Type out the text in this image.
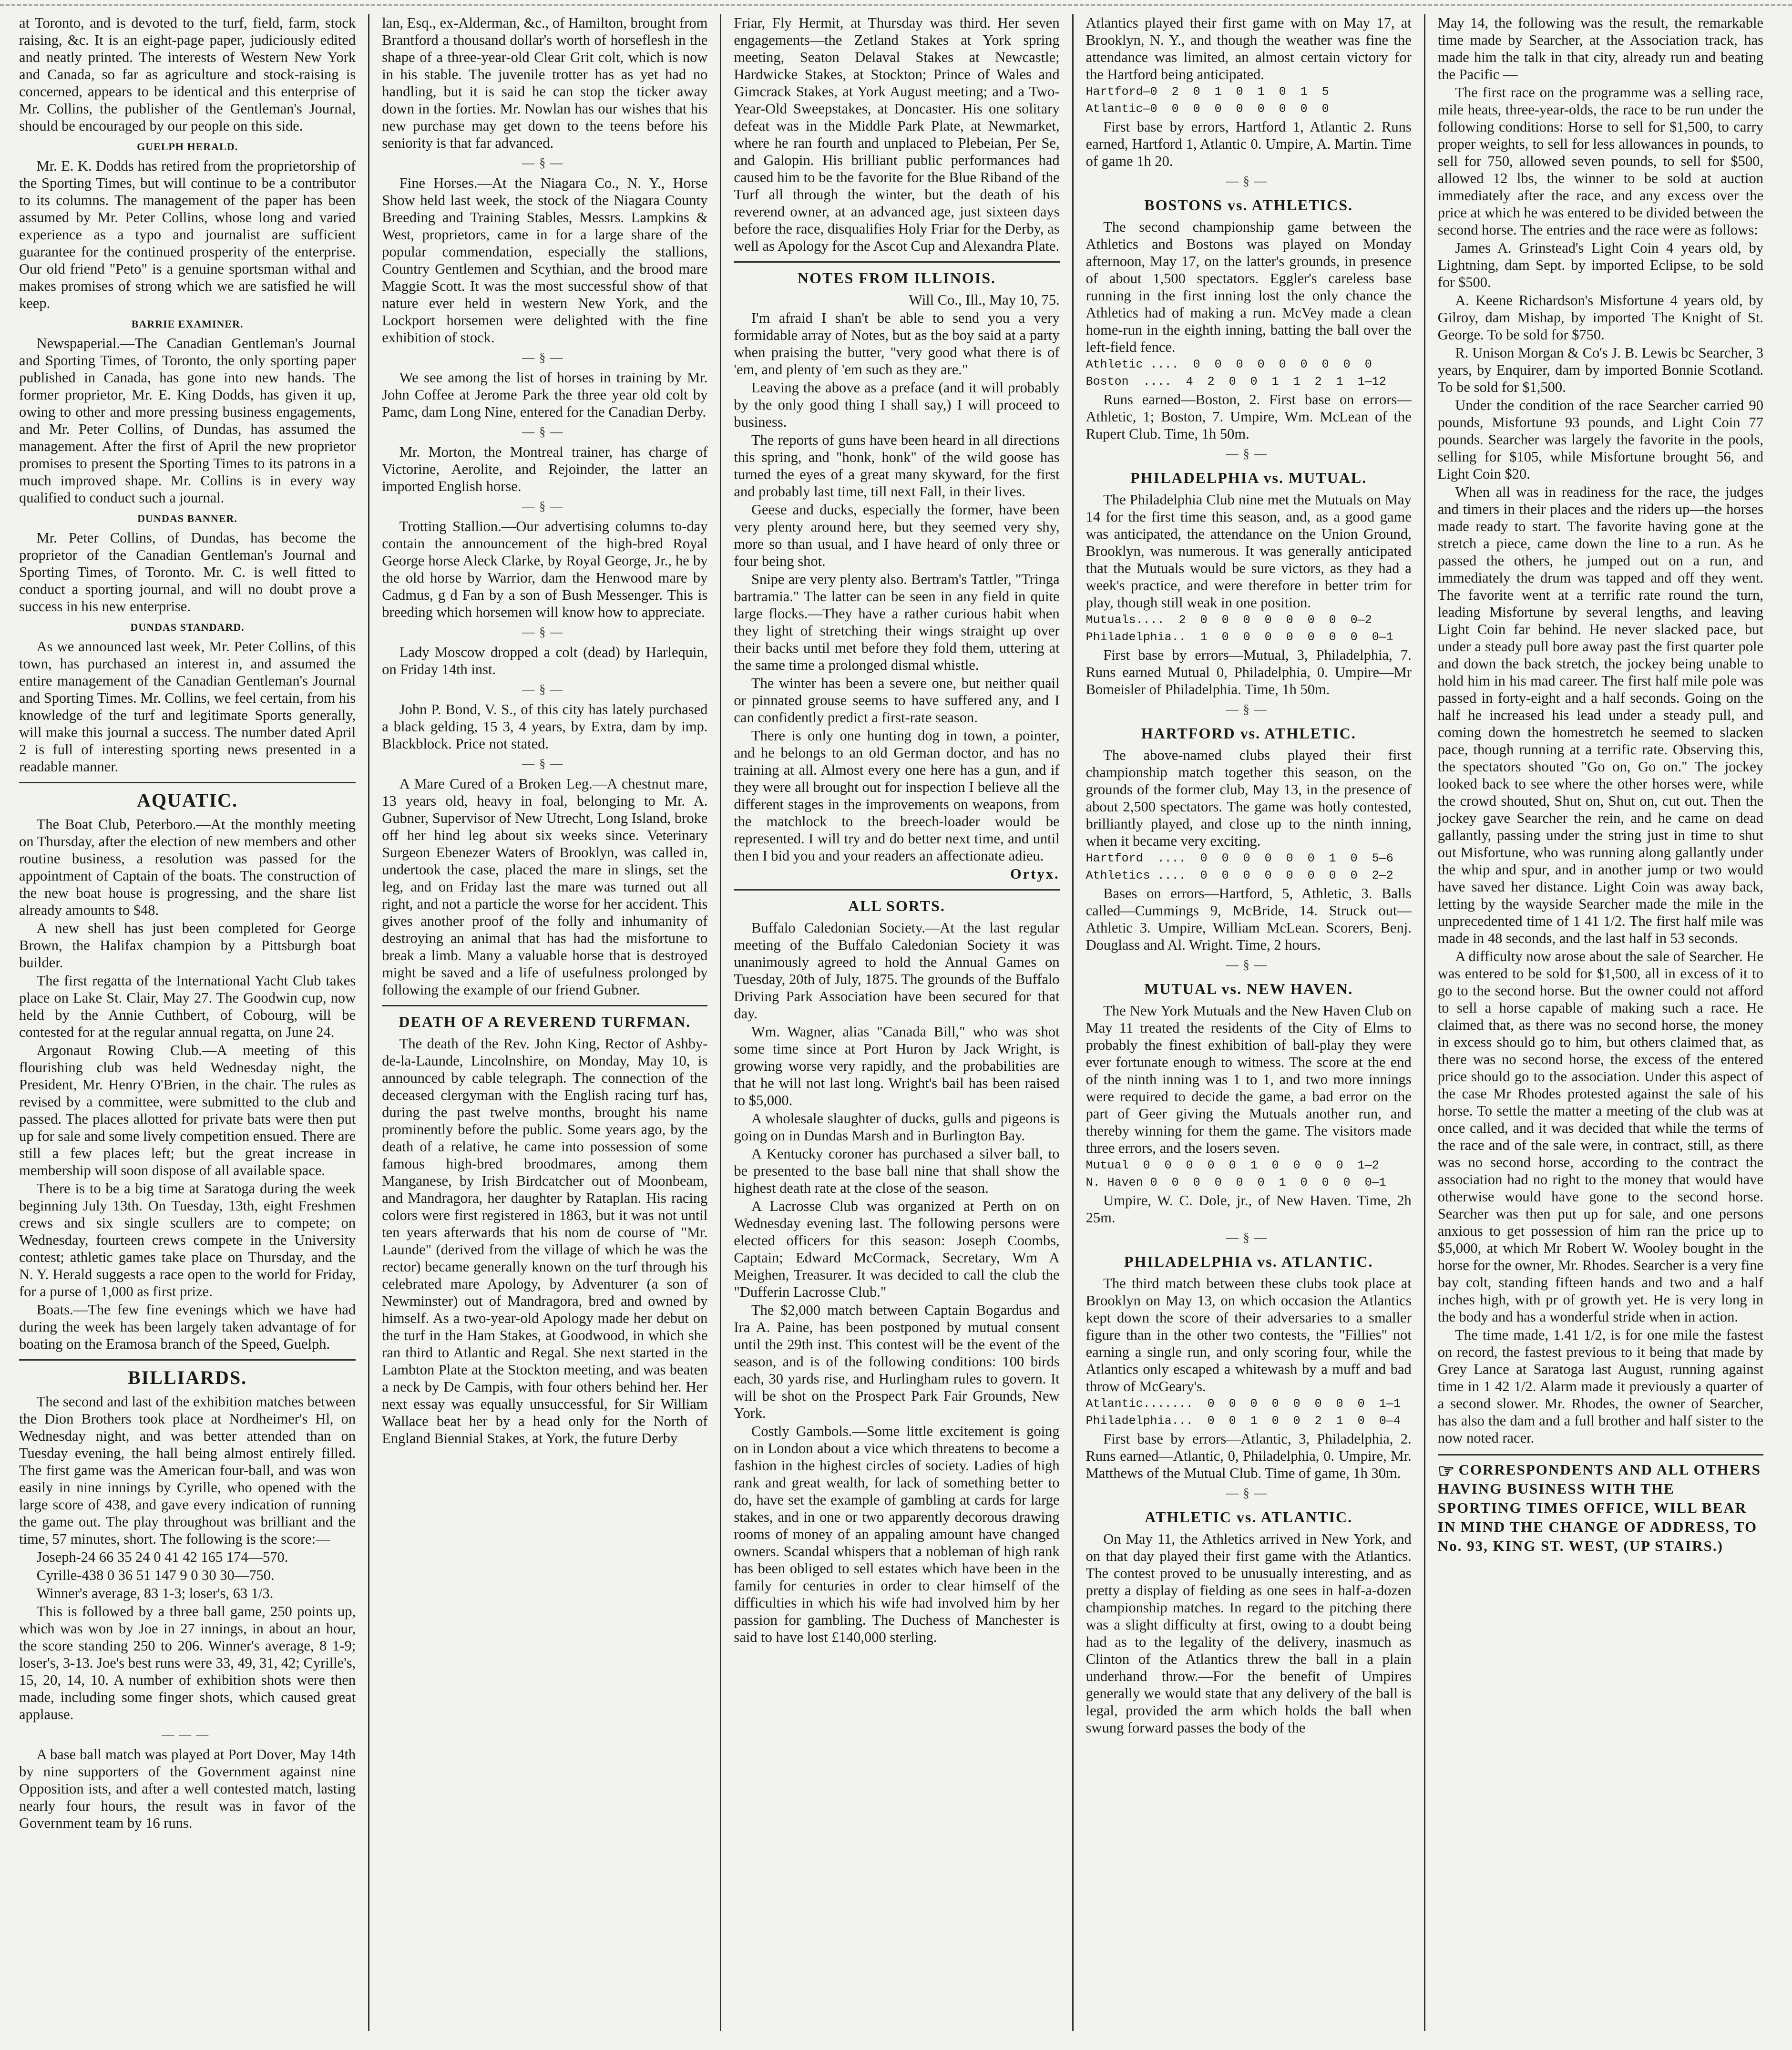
at Toronto, and is devoted to the turf, field, farm, stock raising, &c. It is an eight-page paper, judiciously edited and neatly printed. The interests of Western New York and Canada, so far as agriculture and stock-raising is concerned, appears to be identical and this enterprise of Mr. Collins, the publisher of the Gentleman's Journal, should be encouraged by our people on this side.

GUELPH HERALD.

Mr. E. K. Dodds has retired from the proprietorship of the Sporting Times, but will continue to be a contributor to its columns. The management of the paper has been assumed by Mr. Peter Collins, whose long and varied experience as a typo and journalist are sufficient guarantee for the continued prosperity of the enterprise. Our old friend "Peto" is a genuine sportsman withal and makes promises of strong which we are satisfied he will keep.

BARRIE EXAMINER.

Newspaperial.—The Canadian Gentleman's Journal and Sporting Times, of Toronto, the only sporting paper published in Canada, has gone into new hands. The former proprietor, Mr. E. King Dodds, has given it up, owing to other and more pressing business engagements, and Mr. Peter Collins, of Dundas, has assumed the management. After the first of April the new proprietor promises to present the Sporting Times to its patrons in a much improved shape. Mr. Collins is in every way qualified to conduct such a journal.

DUNDAS BANNER.

Mr. Peter Collins, of Dundas, has become the proprietor of the Canadian Gentleman's Journal and Sporting Times, of Toronto. Mr. C. is well fitted to conduct a sporting journal, and will no doubt prove a success in his new enterprise.

DUNDAS STANDARD.

As we announced last week, Mr. Peter Collins, of this town, has purchased an interest in, and assumed the entire management of the Canadian Gentleman's Journal and Sporting Times. Mr. Collins, we feel certain, from his knowledge of the turf and legitimate Sports generally, will make this journal a success. The number dated April 2 is full of interesting sporting news presented in a readable manner.

AQUATIC.

The Boat Club, Peterboro.—At the monthly meeting on Thursday, after the election of new members and other routine business, a resolution was passed for the appointment of Captain of the boats. The construction of the new boat house is progressing, and the share list already amounts to $48.

A new shell has just been completed for George Brown, the Halifax champion by a Pittsburgh boat builder.

The first regatta of the International Yacht Club takes place on Lake St. Clair, May 27. The Goodwin cup, now held by the Annie Cuthbert, of Cobourg, will be contested for at the regular annual regatta, on June 24.

Argonaut Rowing Club.—A meeting of this flourishing club was held Wednesday night, the President, Mr. Henry O'Brien, in the chair. The rules as revised by a committee, were submitted to the club and passed. The places allotted for private bats were then put up for sale and some lively competition ensued. There are still a few places left; but the great increase in membership will soon dispose of all available space.

There is to be a big time at Saratoga during the week beginning July 13th. On Tuesday, 13th, eight Freshmen crews and six single scullers are to compete; on Wednesday, fourteen crews compete in the University contest; athletic games take place on Thursday, and the N. Y. Herald suggests a race open to the world for Friday, for a purse of 1,000 as first prize.

Boats.—The few fine evenings which we have had during the week has been largely taken advantage of for boating on the Eramosa branch of the Speed, Guelph.

BILLIARDS.

The second and last of the exhibition matches between the Dion Brothers took place at Nordheimer's Hl, on Wednesday night, and was better attended than on Tuesday evening, the hall being almost entirely filled. The first game was the American four-ball, and was won easily in nine innings by Cyrille, who opened with the large score of 438, and gave every indication of running the game out. The play throughout was brilliant and the time, 57 minutes, short. The following is the score:—

Joseph-24 66 35 24 0 41 42 165 174—570.

Cyrille-438 0 36 51 147 9 0 30 30—750.

Winner's average, 83 1-3; loser's, 63 1/3.

This is followed by a three ball game, 250 points up, which was won by Joe in 27 innings, in about an hour, the score standing 250 to 206. Winner's average, 8 1-9; loser's, 3-13. Joe's best runs were 33, 49, 31, 42; Cyrille's, 15, 20, 14, 10. A number of exhibition shots were then made, including some finger shots, which caused great applause.

———

A base ball match was played at Port Dover, May 14th by nine supporters of the Government against nine Opposition ists, and after a well contested match, lasting nearly four hours, the result was in favor of the Government team by 16 runs.

lan, Esq., ex-Alderman, &c., of Hamilton, brought from Brantford a thousand dollar's worth of horseflesh in the shape of a three-year-old Clear Grit colt, which is now in his stable. The juvenile trotter has as yet had no handling, but it is said he can stop the ticker away down in the forties. Mr. Nowlan has our wishes that his new purchase may get down to the teens before his seniority is that far advanced.

—§—

Fine Horses.—At the Niagara Co., N. Y., Horse Show held last week, the stock of the Niagara County Breeding and Training Stables, Messrs. Lampkins & West, proprietors, came in for a large share of the popular commendation, especially the stallions, Country Gentlemen and Scythian, and the brood mare Maggie Scott. It was the most successful show of that nature ever held in western New York, and the Lockport horsemen were delighted with the fine exhibition of stock.

—§—

We see among the list of horses in training by Mr. John Coffee at Jerome Park the three year old colt by Pamc, dam Long Nine, entered for the Canadian Derby.

—§—

Mr. Morton, the Montreal trainer, has charge of Victorine, Aerolite, and Rejoinder, the latter an imported English horse.

—§—

Trotting Stallion.—Our advertising columns to-day contain the announcement of the high-bred Royal George horse Aleck Clarke, by Royal George, Jr., he by the old horse by Warrior, dam the Henwood mare by Cadmus, g d Fan by a son of Bush Messenger. This is breeding which horsemen will know how to appreciate.

—§—

Lady Moscow dropped a colt (dead) by Harlequin, on Friday 14th inst.

—§—

John P. Bond, V. S., of this city has lately purchased a black gelding, 15 3, 4 years, by Extra, dam by imp. Blackblock. Price not stated.

—§—

A Mare Cured of a Broken Leg.—A chestnut mare, 13 years old, heavy in foal, belonging to Mr. A. Gubner, Supervisor of New Utrecht, Long Island, broke off her hind leg about six weeks since. Veterinary Surgeon Ebenezer Waters of Brooklyn, was called in, undertook the case, placed the mare in slings, set the leg, and on Friday last the mare was turned out all right, and not a particle the worse for her accident. This gives another proof of the folly and inhumanity of destroying an animal that has had the misfortune to break a limb. Many a valuable horse that is destroyed might be saved and a life of usefulness prolonged by following the example of our friend Gubner.

DEATH OF A REVEREND TURFMAN.

The death of the Rev. John King, Rector of Ashby-de-la-Launde, Lincolnshire, on Monday, May 10, is announced by cable telegraph. The connection of the deceased clergyman with the English racing turf has, during the past twelve months, brought his name prominently before the public. Some years ago, by the death of a relative, he came into possession of some famous high-bred broodmares, among them Manganese, by Irish Birdcatcher out of Moonbeam, and Mandragora, her daughter by Rataplan. His racing colors were first registered in 1863, but it was not until ten years afterwards that his nom de course of "Mr. Launde" (derived from the village of which he was the rector) became generally known on the turf through his celebrated mare Apology, by Adventurer (a son of Newminster) out of Mandragora, bred and owned by himself. As a two-year-old Apology made her debut on the turf in the Ham Stakes, at Goodwood, in which she ran third to Atlantic and Regal. She next started in the Lambton Plate at the Stockton meeting, and was beaten a neck by De Campis, with four others behind her. Her next essay was equally unsuccessful, for Sir William Wallace beat her by a head only for the North of England Biennial Stakes, at York, the future Derby

Friar, Fly Hermit, at Thursday was third. Her seven engagements—the Zetland Stakes at York spring meeting, Seaton Delaval Stakes at Newcastle; Hardwicke Stakes, at Stockton; Prince of Wales and Gimcrack Stakes, at York August meeting; and a Two-Year-Old Sweepstakes, at Doncaster. His one solitary defeat was in the Middle Park Plate, at Newmarket, where he ran fourth and unplaced to Plebeian, Per Se, and Galopin. His brilliant public performances had caused him to be the favorite for the Blue Riband of the Turf all through the winter, but the death of his reverend owner, at an advanced age, just sixteen days before the race, disqualifies Holy Friar for the Derby, as well as Apology for the Ascot Cup and Alexandra Plate.

NOTES FROM ILLINOIS.

Will Co., Ill., May 10, 75.

I'm afraid I shan't be able to send you a very formidable array of Notes, but as the boy said at a party when praising the butter, "very good what there is of 'em, and plenty of 'em such as they are."

Leaving the above as a preface (and it will probably by the only good thing I shall say,) I will proceed to business.

The reports of guns have been heard in all directions this spring, and "honk, honk" of the wild goose has turned the eyes of a great many skyward, for the first and probably last time, till next Fall, in their lives.

Geese and ducks, especially the former, have been very plenty around here, but they seemed very shy, more so than usual, and I have heard of only three or four being shot.

Snipe are very plenty also. Bertram's Tattler, "Tringa bartramia." The latter can be seen in any field in quite large flocks.—They have a rather curious habit when they light of stretching their wings straight up over their backs until met before they fold them, uttering at the same time a prolonged dismal whistle.

The winter has been a severe one, but neither quail or pinnated grouse seems to have suffered any, and I can confidently predict a first-rate season.

There is only one hunting dog in town, a pointer, and he belongs to an old German doctor, and has no training at all. Almost every one here has a gun, and if they were all brought out for inspection I believe all the different stages in the improvements on weapons, from the matchlock to the breech-loader would be represented. I will try and do better next time, and until then I bid you and your readers an affectionate adieu.

Ortyx.

ALL SORTS.

Buffalo Caledonian Society.—At the last regular meeting of the Buffalo Caledonian Society it was unanimously agreed to hold the Annual Games on Tuesday, 20th of July, 1875. The grounds of the Buffalo Driving Park Association have been secured for that day.

Wm. Wagner, alias "Canada Bill," who was shot some time since at Port Huron by Jack Wright, is growing worse very rapidly, and the probabilities are that he will not last long. Wright's bail has been raised to $5,000.

A wholesale slaughter of ducks, gulls and pigeons is going on in Dundas Marsh and in Burlington Bay.

A Kentucky coroner has purchased a silver ball, to be presented to the base ball nine that shall show the highest death rate at the close of the season.

A Lacrosse Club was organized at Perth on on Wednesday evening last. The following persons were elected officers for this season: Joseph Coombs, Captain; Edward McCormack, Secretary, Wm A Meighen, Treasurer. It was decided to call the club the "Dufferin Lacrosse Club."

The $2,000 match between Captain Bogardus and Ira A. Paine, has been postponed by mutual consent until the 29th inst. This contest will be the event of the season, and is of the following conditions: 100 birds each, 30 yards rise, and Hurlingham rules to govern. It will be shot on the Prospect Park Fair Grounds, New York.

Costly Gambols.—Some little excitement is going on in London about a vice which threatens to become a fashion in the highest circles of society. Ladies of high rank and great wealth, for lack of something better to do, have set the example of gambling at cards for large stakes, and in one or two apparently decorous drawing rooms of money of an appaling amount have changed owners. Scandal whispers that a nobleman of high rank has been obliged to sell estates which have been in the family for centuries in order to clear himself of the difficulties in which his wife had involved him by her passion for gambling. The Duchess of Manchester is said to have lost £140,000 sterling.

Atlantics played their first game with on May 17, at Brooklyn, N. Y., and though the weather was fine the attendance was limited, an almost certain victory for the Hartford being anticipated.

Hartford—0  2  0  1  0  1  0  1  5

Atlantic—0  0  0  0  0  0  0  0  0

First base by errors, Hartford 1, Atlantic 2. Runs earned, Hartford 1, Atlantic 0. Umpire, A. Martin. Time of game 1h 20.

—§—

BOSTONS vs. ATHLETICS.

The second championship game between the Athletics and Bostons was played on Monday afternoon, May 17, on the latter's grounds, in presence of about 1,500 spectators. Eggler's careless base running in the first inning lost the only chance the Athletics had of making a run. McVey made a clean home-run in the eighth inning, batting the ball over the left-field fence.

Athletic ....  0  0  0  0  0  0  0  0  0

Boston  ....  4  2  0  0  1  1  2  1  1—12

Runs earned—Boston, 2. First base on errors—Athletic, 1; Boston, 7. Umpire, Wm. McLean of the Rupert Club. Time, 1h 50m.

—§—

PHILADELPHIA vs. MUTUAL.

The Philadelphia Club nine met the Mutuals on May 14 for the first time this season, and, as a good game was anticipated, the attendance on the Union Ground, Brooklyn, was numerous. It was generally anticipated that the Mutuals would be sure victors, as they had a week's practice, and were therefore in better trim for play, though still weak in one position.

Mutuals....  2  0  0  0  0  0  0  0  0—2

Philadelphia..  1  0  0  0  0  0  0  0  0—1

First base by errors—Mutual, 3, Philadelphia, 7. Runs earned Mutual 0, Philadelphia, 0. Umpire—Mr Bomeisler of Philadelphia. Time, 1h 50m.

—§—

HARTFORD vs. ATHLETIC.

The above-named clubs played their first championship match together this season, on the grounds of the former club, May 13, in the presence of about 2,500 spectators. The game was hotly contested, brilliantly played, and close up to the ninth inning, when it became very exciting.

Hartford  ....  0  0  0  0  0  0  1  0  5—6

Athletics ....  0  0  0  0  0  0  0  0  2—2

Bases on errors—Hartford, 5, Athletic, 3. Balls called—Cummings 9, McBride, 14. Struck out—Athletic 3. Umpire, William McLean. Scorers, Benj. Douglass and Al. Wright. Time, 2 hours.

—§—

MUTUAL vs. NEW HAVEN.

The New York Mutuals and the New Haven Club on May 11 treated the residents of the City of Elms to probably the finest exhibition of ball-play they were ever fortunate enough to witness. The score at the end of the ninth inning was 1 to 1, and two more innings were required to decide the game, a bad error on the part of Geer giving the Mutuals another run, and thereby winning for them the game. The visitors made three errors, and the losers seven.

Mutual  0  0  0  0  0  1  0  0  0  0  1—2

N. Haven 0  0  0  0  0  0  1  0  0  0  0—1

Umpire, W. C. Dole, jr., of New Haven. Time, 2h 25m.

—§—

PHILADELPHIA vs. ATLANTIC.

The third match between these clubs took place at Brooklyn on May 13, on which occasion the Atlantics kept down the score of their adversaries to a smaller figure than in the other two contests, the "Fillies" not earning a single run, and only scoring four, while the Atlantics only escaped a whitewash by a muff and bad throw of McGeary's.

Atlantic.......  0  0  0  0  0  0  0  0  1—1

Philadelphia...  0  0  1  0  0  2  1  0  0—4

First base by errors—Atlantic, 3, Philadelphia, 2. Runs earned—Atlantic, 0, Philadelphia, 0. Umpire, Mr. Matthews of the Mutual Club. Time of game, 1h 30m.

—§—

ATHLETIC vs. ATLANTIC.

On May 11, the Athletics arrived in New York, and on that day played their first game with the Atlantics. The contest proved to be unusually interesting, and as pretty a display of fielding as one sees in half-a-dozen championship matches. In regard to the pitching there was a slight difficulty at first, owing to a doubt being had as to the legality of the delivery, inasmuch as Clinton of the Atlantics threw the ball in a plain underhand throw.—For the benefit of Umpires generally we would state that any delivery of the ball is legal, provided the arm which holds the ball when swung forward passes the body of the

May 14, the following was the result, the remarkable time made by Searcher, at the Association track, has made him the talk in that city, already run and beating the Pacific —

The first race on the programme was a selling race, mile heats, three-year-olds, the race to be run under the following conditions: Horse to sell for $1,500, to carry proper weights, to sell for less allowances in pounds, to sell for 750, allowed seven pounds, to sell for $500, allowed 12 lbs, the winner to be sold at auction immediately after the race, and any excess over the price at which he was entered to be divided between the second horse. The entries and the race were as follows:

James A. Grinstead's Light Coin 4 years old, by Lightning, dam Sept. by imported Eclipse, to be sold for $500.

A. Keene Richardson's Misfortune 4 years old, by Gilroy, dam Mishap, by imported The Knight of St. George. To be sold for $750.

R. Unison Morgan & Co's J. B. Lewis bc Searcher, 3 years, by Enquirer, dam by imported Bonnie Scotland. To be sold for $1,500.

Under the condition of the race Searcher carried 90 pounds, Misfortune 93 pounds, and Light Coin 77 pounds. Searcher was largely the favorite in the pools, selling for $105, while Misfortune brought 56, and Light Coin $20.

When all was in readiness for the race, the judges and timers in their places and the riders up—the horses made ready to start. The favorite having gone at the stretch a piece, came down the line to a run. As he passed the others, he jumped out on a run, and immediately the drum was tapped and off they went. The favorite went at a terrific rate round the turn, leading Misfortune by several lengths, and leaving Light Coin far behind. He never slacked pace, but under a steady pull bore away past the first quarter pole and down the back stretch, the jockey being unable to hold him in his mad career. The first half mile pole was passed in forty-eight and a half seconds. Going on the half he increased his lead under a steady pull, and coming down the homestretch he seemed to slacken pace, though running at a terrific rate. Observing this, the spectators shouted "Go on, Go on." The jockey looked back to see where the other horses were, while the crowd shouted, Shut on, Shut on, cut out. Then the jockey gave Searcher the rein, and he came on dead gallantly, passing under the string just in time to shut out Misfortune, who was running along gallantly under the whip and spur, and in another jump or two would have saved her distance. Light Coin was away back, letting by the wayside Searcher made the mile in the unprecedented time of 1 41 1/2. The first half mile was made in 48 seconds, and the last half in 53 seconds.

A difficulty now arose about the sale of Searcher. He was entered to be sold for $1,500, all in excess of it to go to the second horse. But the owner could not afford to sell a horse capable of making such a race. He claimed that, as there was no second horse, the money in excess should go to him, but others claimed that, as there was no second horse, the excess of the entered price should go to the association. Under this aspect of the case Mr Rhodes protested against the sale of his horse. To settle the matter a meeting of the club was at once called, and it was decided that while the terms of the race and of the sale were, in contract, still, as there was no second horse, according to the contract the association had no right to the money that would have otherwise would have gone to the second horse. Searcher was then put up for sale, and one persons anxious to get possession of him ran the price up to $5,000, at which Mr Robert W. Wooley bought in the horse for the owner, Mr. Rhodes. Searcher is a very fine bay colt, standing fifteen hands and two and a half inches high, with pr of growth yet. He is very long in the body and has a wonderful stride when in action.

The time made, 1.41 1/2, is for one mile the fastest on record, the fastest previous to it being that made by Grey Lance at Saratoga last August, running against time in 1 42 1/2. Alarm made it previously a quarter of a second slower. Mr. Rhodes, the owner of Searcher, has also the dam and a full brother and half sister to the now noted racer.

☞ CORRESPONDENTS AND ALL OTHERS HAVING BUSINESS WITH THE SPORTING TIMES OFFICE, WILL BEAR IN MIND THE CHANGE OF ADDRESS, TO No. 93, KING ST. WEST, (UP STAIRS.)
